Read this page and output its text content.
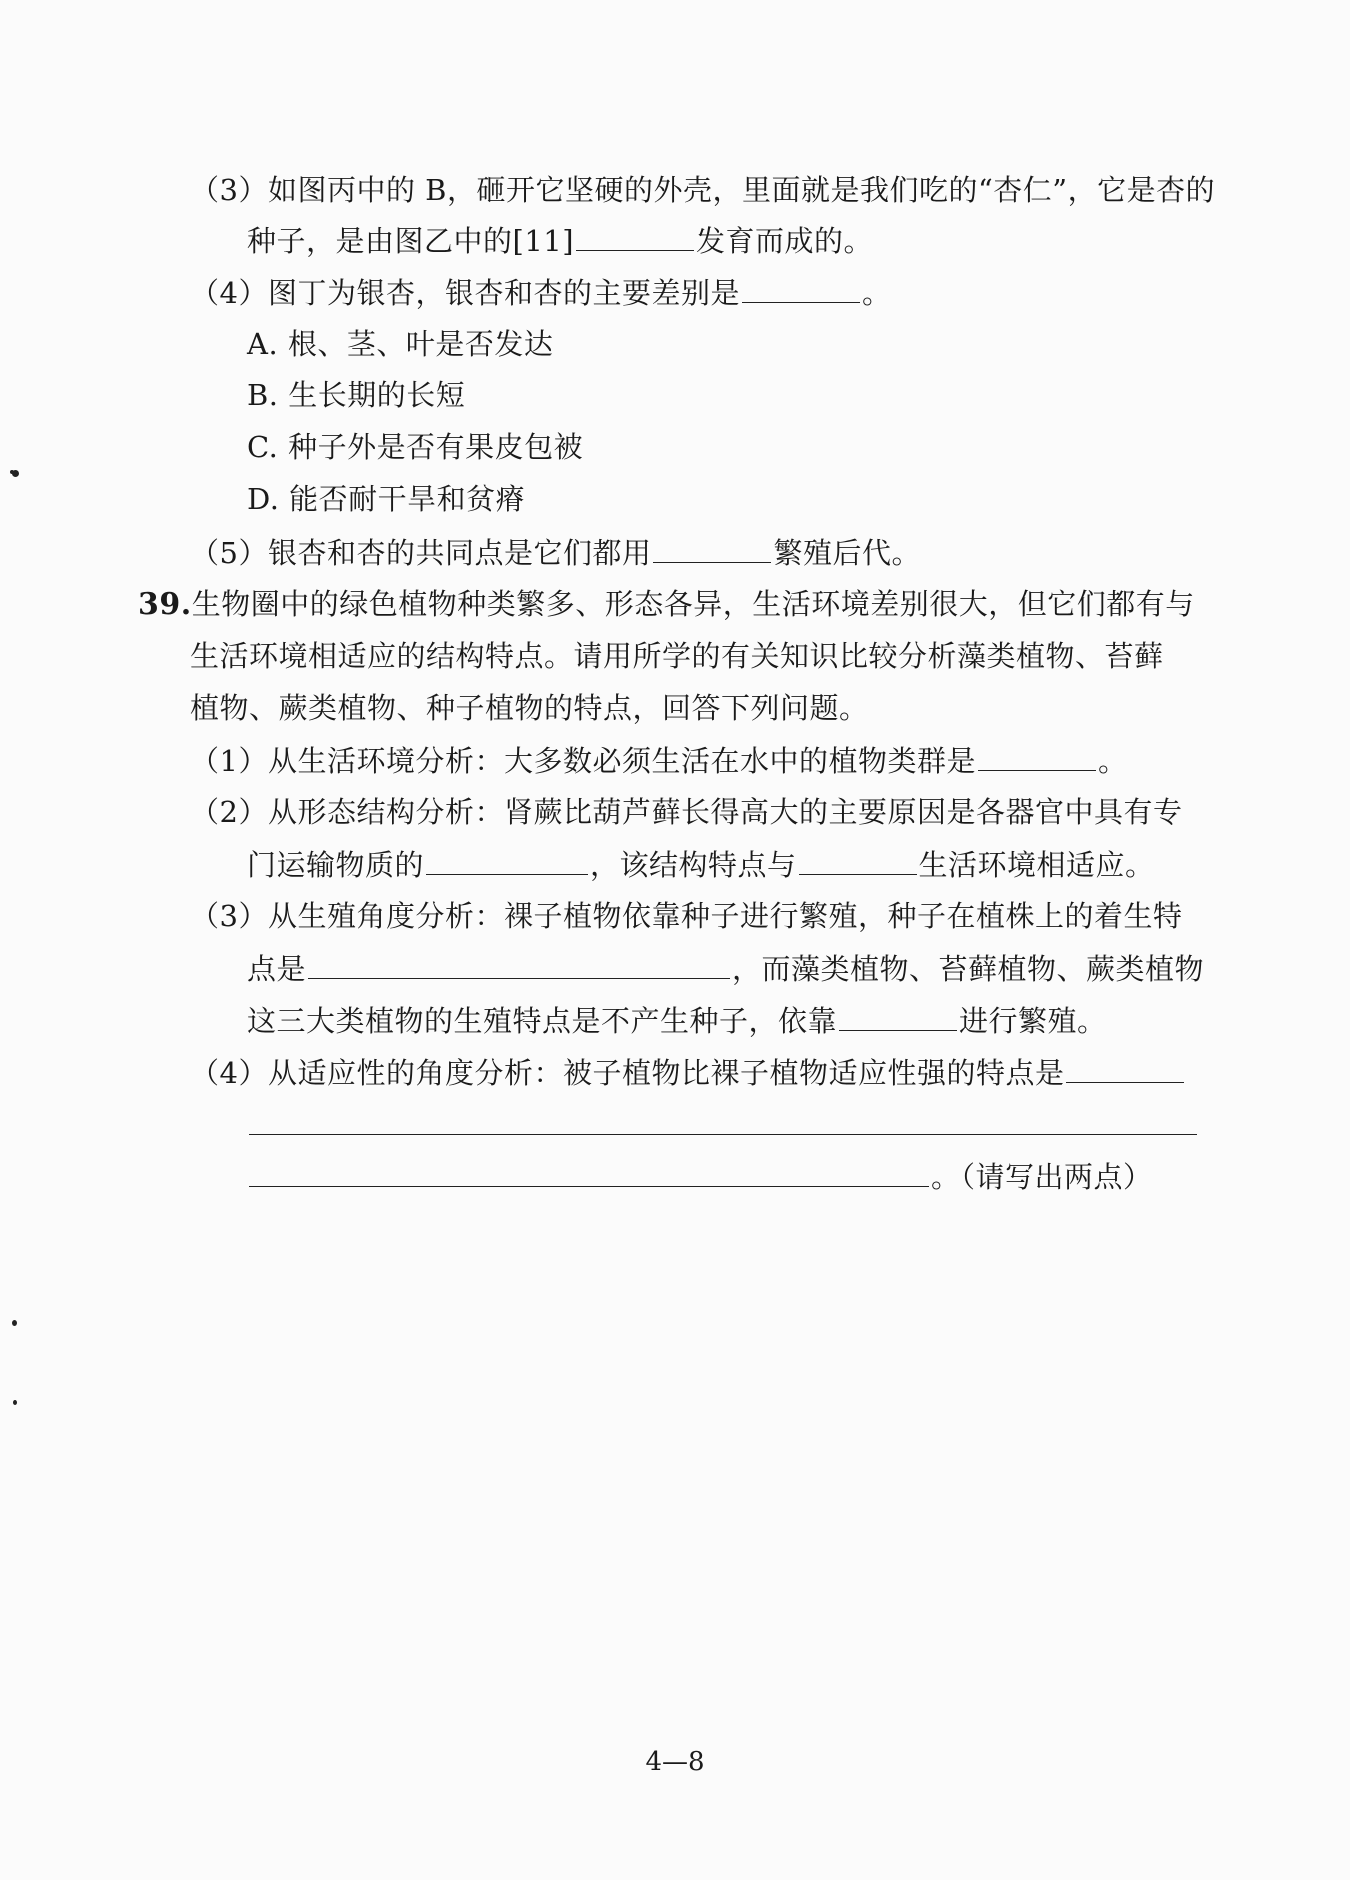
（3）如图丙中的 B，砸开它坚硬的外壳，里面就是我们吃的“杏仁”，它是杏的
种子，是由图乙中的[11]	发育而成的。
（4）图丁为银杏，银杏和杏的主要差别是	。
A. 根、茎、叶是否发达
B. 生长期的长短
C. 种子外是否有果皮包被
D. 能否耐干旱和贫瘠
（5）银杏和杏的共同点是它们都用	繁殖后代。
39.生物圈中的绿色植物种类繁多、形态各异，生活环境差别很大，但它们都有与
生活环境相适应的结构特点。请用所学的有关知识比较分析藻类植物、苔藓
植物、蕨类植物、种子植物的特点，回答下列问题。
（1）从生活环境分析：大多数必须生活在水中的植物类群是	。
（2）从形态结构分析：肾蕨比葫芦藓长得高大的主要原因是各器官中具有专
门运输物质的	，该结构特点与	生活环境相适应。
（3）从生殖角度分析：裸子植物依靠种子进行繁殖，种子在植株上的着生特
点是	，而藻类植物、苔藓植物、蕨类植物
这三大类植物的生殖特点是不产生种子，依靠	进行繁殖。
（4）从适应性的角度分析：被子植物比裸子植物适应性强的特点是
。（请写出两点）
4—8
